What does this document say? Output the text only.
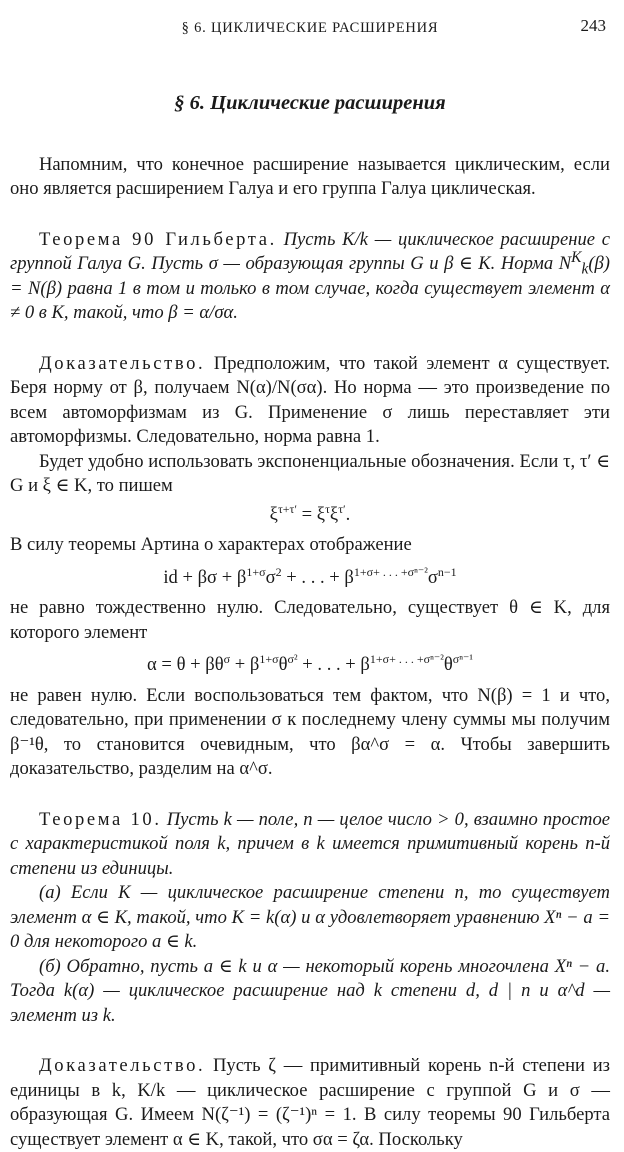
§ 6. ЦИКЛИЧЕСКИЕ РАСШИРЕНИЯ	243
§ 6. Циклические расширения

Напомним, что конечное расширение называется циклическим, если оно является расширением Галуа и его группа Галуа циклическая.

Теорема 90 Гильберта. Пусть K/k — циклическое расширение с группой Галуа G. Пусть σ — образующая группы G и β ∈ K. Норма $N^K_k(\beta) = N(\beta)$ равна 1 в том и только в том случае, когда существует элемент α ≠ 0 в K, такой, что β = α/σα.

Доказательство. Предположим, что такой элемент α существует. Беря норму от β, получаем N(α)/N(σα). Но норма — это произведение по всем автоморфизмам из G. Применение σ лишь переставляет эти автоморфизмы. Следовательно, норма равна 1.

Будет удобно использовать экспоненциальные обозначения. Если τ, τ′ ∈ G и ξ ∈ K, то пишем

$\xi^{\tau+\tau'} = \xi^\tau\xi^{\tau'}$.

В силу теоремы Артина о характерах отображение

id + $\beta\sigma + \beta^{1+\sigma}\sigma^2$ + . . . + $\beta^{1+\sigma+ . . . +\sigma^{n-2}}\sigma^{n-1}$

не равно тождественно нулю. Следовательно, существует θ ∈ K, для которого элемент

$\alpha = \theta + \beta\theta^\sigma + \beta^{1+\sigma}\theta^{\sigma^2}$ + . . . + $\beta^{1+\sigma+ . . . +\sigma^{n-2}}\theta^{\sigma^{n-1}}$

не равен нулю. Если воспользоваться тем фактом, что N(β) = 1 и что, следовательно, при применении σ к последнему члену суммы мы получим β⁻¹θ, то становится очевидным, что βα^σ = α. Чтобы завершить доказательство, разделим на α^σ.

Теорема 10. Пусть k — поле, n — целое число > 0, взаимно простое с характеристикой поля k, причем в k имеется примитивный корень n-й степени из единицы.

(а) Если K — циклическое расширение степени n, то существует элемент α ∈ K, такой, что K = k(α) и α удовлетворяет уравнению Xⁿ − a = 0 для некоторого a ∈ k.

(б) Обратно, пусть a ∈ k и α — некоторый корень многочлена Xⁿ − a. Тогда k(α) — циклическое расширение над k степени d, d | n и α^d — элемент из k.

Доказательство. Пусть ζ — примитивный корень n-й степени из единицы в k, K/k — циклическое расширение с группой G и σ — образующая G. Имеем N(ζ⁻¹) = (ζ⁻¹)ⁿ = 1. В силу теоремы 90 Гильберта существует элемент α ∈ K, такой, что σα = ζα. Поскольку
